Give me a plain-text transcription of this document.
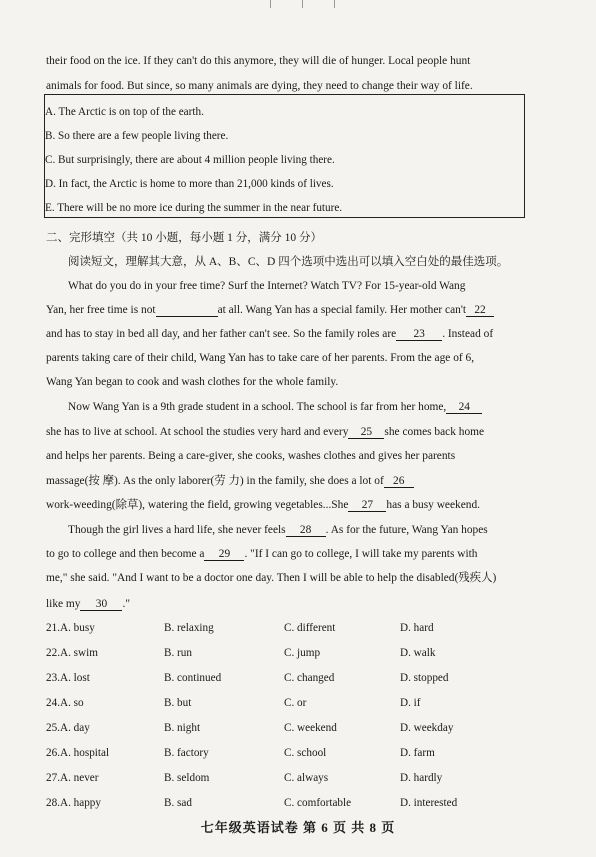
their food on the ice. If they can't do this anymore, they will die of hunger. Local people hunt
animals for food. But since, so many animals are dying, they need to change their way of life.
A. The Arctic is on top of the earth.
B. So there are a few people living there.
C. But surprisingly, there are about 4 million people living there.
D. In fact, the Arctic is home to more than 21,000 kinds of lives.
E. There will be no more ice during the summer in the near future.
二、完形填空（共 10 小题，每小题 1 分，满分 10 分）
阅读短文，理解其大意，从 A、B、C、D 四个选项中选出可以填入空白处的最佳选项。
What do you do in your free time? Surf the Internet? Watch TV? For 15-year-old Wang
Yan, her free time is not	at all. Wang Yan has a special family. Her mother can't 22
and has to stay in bed all day, and her father can't see. So the family roles are 23 . Instead of
parents taking care of their child, Wang Yan has to take care of her parents. From the age of 6,
Wang Yan began to cook and wash clothes for the whole family.
Now Wang Yan is a 9th grade student in a school. The school is far from her home, 24
she has to live at school. At school the studies very hard and every 25 she comes back home
and helps her parents. Being a care-giver, she cooks, washes clothes and gives her parents
massage(按 摩). As the only laborer(劳 力) in the family, she does a lot of 26
work-weeding(除草), watering the field, growing vegetables...She 27 has a busy weekend.
Though the girl lives a hard life, she never feels 28 . As for the future, Wang Yan hopes
to go to college and then become a 29 . "If I can go to college, I will take my parents with
me," she said. "And I want to be a doctor one day. Then I will be able to help the disabled(残疾人)
like my 30 ."
21.A. busy	B. relaxing	C. different	D. hard
22.A. swim	B. run	C. jump	D. walk
23.A. lost	B. continued	C. changed	D. stopped
24.A. so	B. but	C. or	D. if
25.A. day	B. night	C. weekend	D. weekday
26.A. hospital	B. factory	C. school	D. farm
27.A. never	B. seldom	C. always	D. hardly
28.A. happy	B. sad	C. comfortable	D. interested
七年级英语试卷 第 6 页 共 8 页
